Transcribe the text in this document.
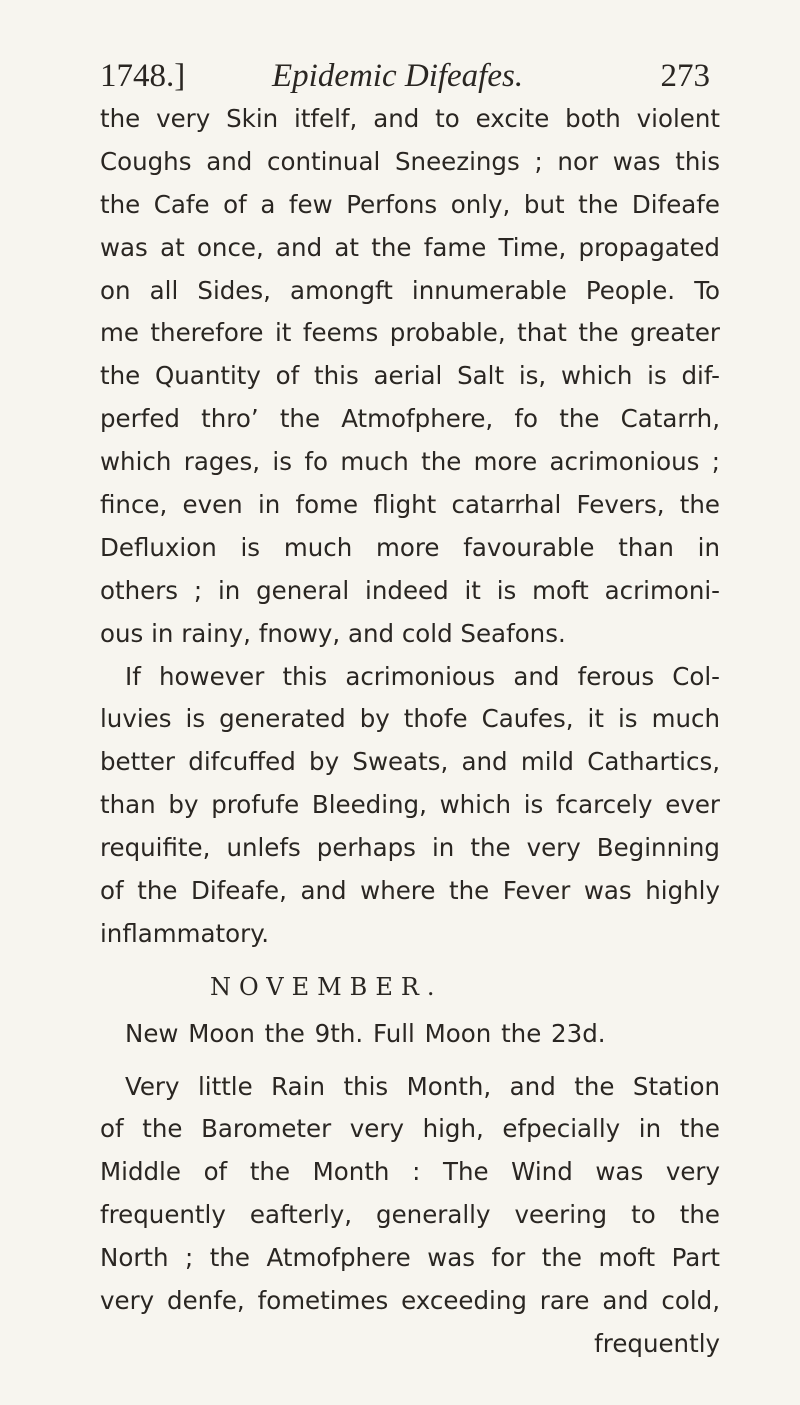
1748.]	Epidemic Difeafes.	273
the very Skin itfelf, and to excite both violent
Coughs and continual Sneezings ; nor was this
the Cafe of a few Perfons only, but the Difeafe
was at once, and at the fame Time, propagated
on all Sides, amongft innumerable People. To
me therefore it feems probable, that the greater
the Quantity of this aerial Salt is, which is dif-
perfed thro’ the Atmofphere, fo the Catarrh,
which rages, is fo much the more acrimonious ;
fince, even in fome flight catarrhal Fevers, the
Defluxion is much more favourable than in
others ; in general indeed it is moft acrimoni-
ous in rainy, fnowy, and cold Seafons.
If however this acrimonious and ferous Col-
luvies is generated by thofe Caufes, it is much
better difcuffed by Sweats, and mild Cathartics,
than by profufe Bleeding, which is fcarcely ever
requifite, unlefs perhaps in the very Beginning
of the Difeafe, and where the Fever was highly
inflammatory.
NOVEMBER.
New Moon the 9th. Full Moon the 23d.
Very little Rain this Month, and the Station
of the Barometer very high, efpecially in the
Middle of the Month : The Wind was very
frequently eafterly, generally veering to the
North ; the Atmofphere was for the moft Part
very denfe, fometimes exceeding rare and cold,
frequently
